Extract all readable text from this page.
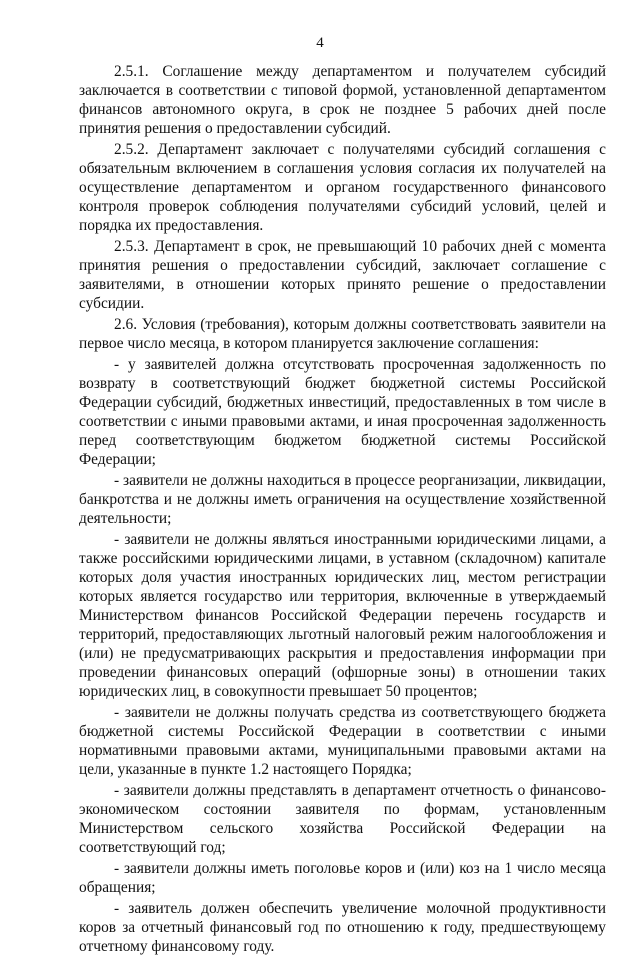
4

2.5.1. Соглашение между департаментом и получателем субсидий заключается в соответствии с типовой формой, установленной департаментом финансов автономного округа, в срок не позднее 5 рабочих дней после принятия решения о предоставлении субсидий.

2.5.2. Департамент заключает с получателями субсидий соглашения с обязательным включением в соглашения условия согласия их получателей на осуществление департаментом и органом государственного финансового контроля проверок соблюдения получателями субсидий условий, целей и порядка их предоставления.

2.5.3. Департамент в срок, не превышающий 10 рабочих дней с момента принятия решения о предоставлении субсидий, заключает соглашение с заявителями, в отношении которых принято решение о предоставлении субсидии.

2.6. Условия (требования), которым должны соответствовать заявители на первое число месяца, в котором планируется заключение соглашения:

- у заявителей должна отсутствовать просроченная задолженность по возврату в соответствующий бюджет бюджетной системы Российской Федерации субсидий, бюджетных инвестиций, предоставленных в том числе в соответствии с иными правовыми актами, и иная просроченная задолженность перед соответствующим бюджетом бюджетной системы Российской Федерации;

- заявители не должны находиться в процессе реорганизации, ликвидации, банкротства и не должны иметь ограничения на осуществление хозяйственной деятельности;

- заявители не должны являться иностранными юридическими лицами, а также российскими юридическими лицами, в уставном (складочном) капитале которых доля участия иностранных юридических лиц, местом регистрации которых является государство или территория, включенные в утверждаемый Министерством финансов Российской Федерации перечень государств и территорий, предоставляющих льготный налоговый режим налогообложения и (или) не предусматривающих раскрытия и предоставления информации при проведении финансовых операций (офшорные зоны) в отношении таких юридических лиц, в совокупности превышает 50 процентов;

- заявители не должны получать средства из соответствующего бюджета бюджетной системы Российской Федерации в соответствии с иными нормативными правовыми актами, муниципальными правовыми актами на цели, указанные в пункте 1.2 настоящего Порядка;

- заявители должны представлять в департамент отчетность о финансово-экономическом состоянии заявителя по формам, установленным Министерством сельского хозяйства Российской Федерации на соответствующий год;

- заявители должны иметь поголовье коров и (или) коз на 1 число месяца обращения;

- заявитель должен обеспечить увеличение молочной продуктивности коров за отчетный финансовый год по отношению к году, предшествующему отчетному финансовому году.
